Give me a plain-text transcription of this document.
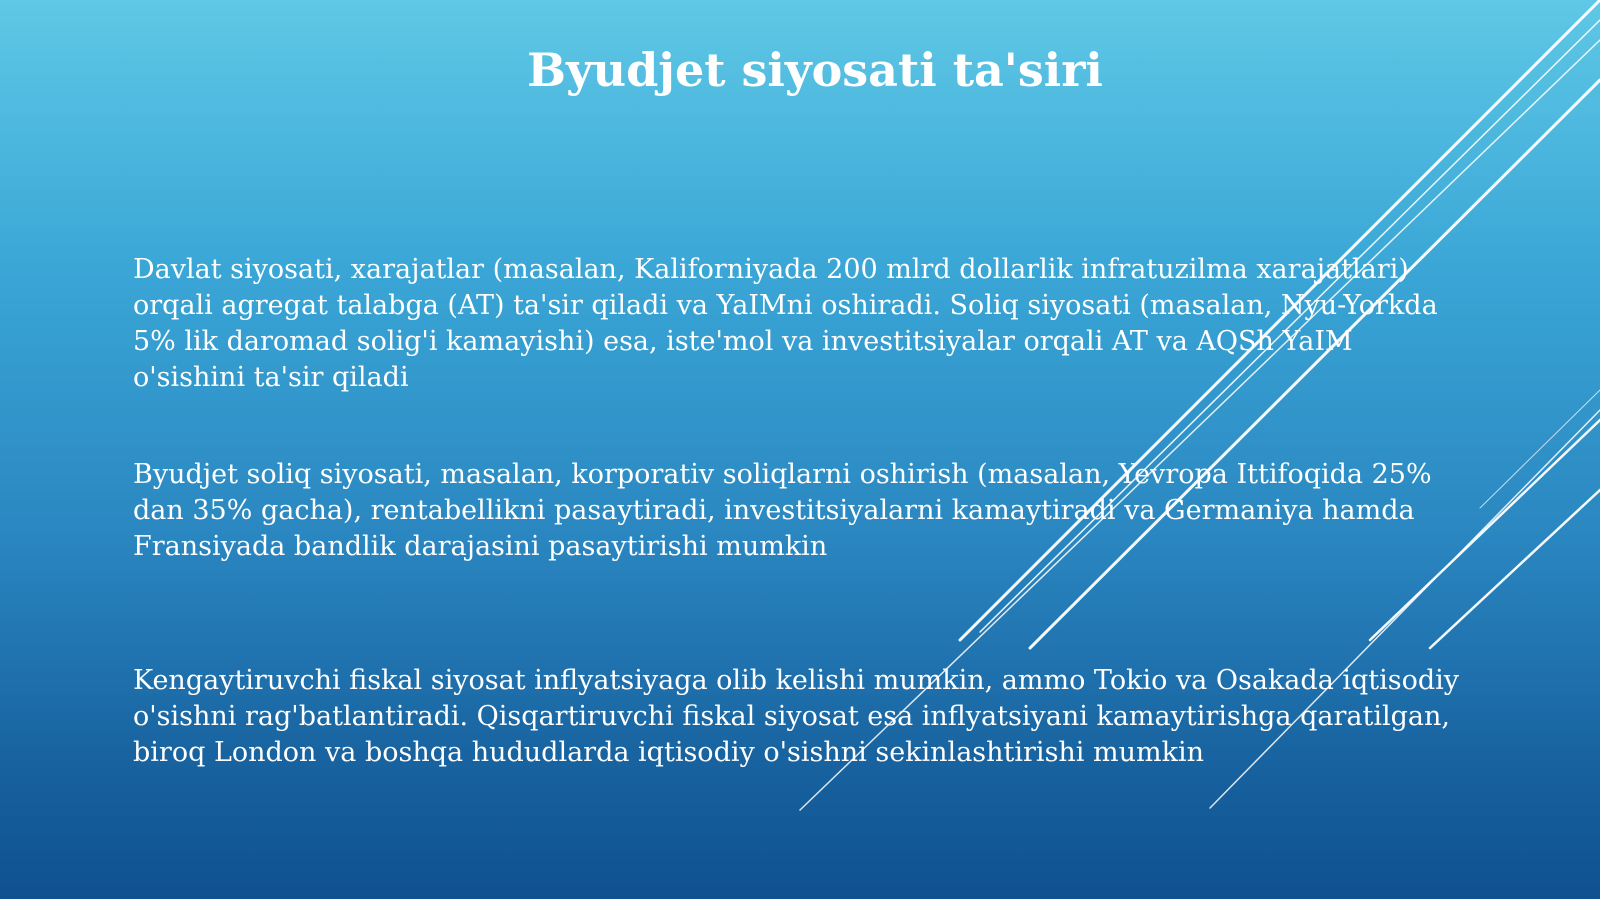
Byudjet siyosati ta'siri

Davlat siyosati, xarajatlar (masalan, Kaliforniyada 200 mlrd dollarlik infratuzilma xarajatlari)
orqali agregat talabga (AT) ta'sir qiladi va YaIMni oshiradi. Soliq siyosati (masalan, Nyu-Yorkda
5% lik daromad solig'i kamayishi) esa, iste'mol va investitsiyalar orqali AT va AQSh YaIM
o'sishini ta'sir qiladi

Byudjet soliq siyosati, masalan, korporativ soliqlarni oshirish (masalan, Yevropa Ittifoqida 25%
dan 35% gacha), rentabellikni pasaytiradi, investitsiyalarni kamaytiradi va Germaniya hamda
Fransiyada bandlik darajasini pasaytirishi mumkin

Kengaytiruvchi fiskal siyosat inflyatsiyaga olib kelishi mumkin, ammo Tokio va Osakada iqtisodiy
o'sishni rag'batlantiradi. Qisqartiruvchi fiskal siyosat esa inflyatsiyani kamaytirishga qaratilgan,
biroq London va boshqa hududlarda iqtisodiy o'sishni sekinlashtirishi mumkin
